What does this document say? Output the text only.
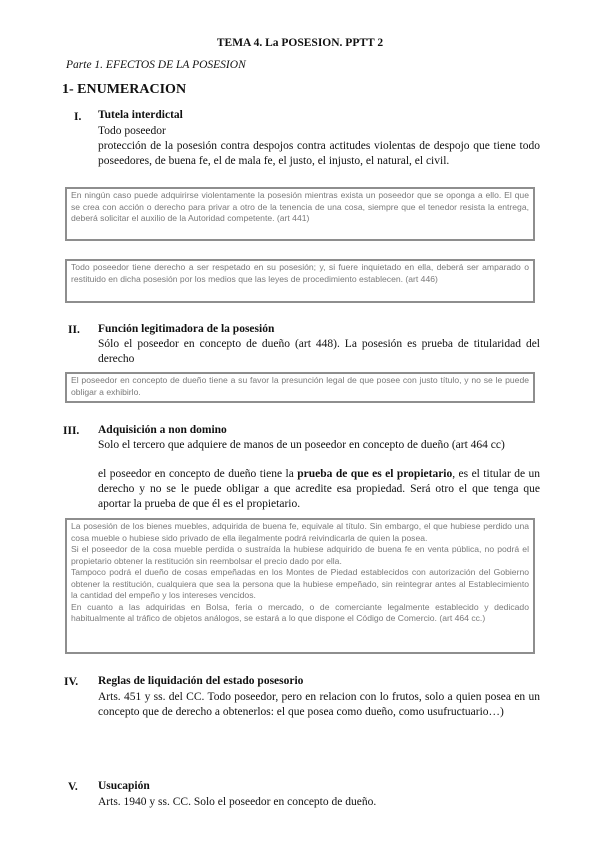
TEMA 4. La POSESION. PPTT 2
Parte 1. EFECTOS DE LA POSESION
1- ENUMERACION
I. Tutela interdictal
Todo poseedor
protección de la posesión contra despojos contra actitudes violentas de despojo que tiene todo poseedores, de buena fe, el de mala fe, el justo, el injusto, el natural, el civil.
En ningún caso puede adquirirse violentamente la posesión mientras exista un poseedor que se oponga a ello. El que se crea con acción o derecho para privar a otro de la tenencia de una cosa, siempre que el tenedor resista la entrega, deberá solicitar el auxilio de la Autoridad competente. (art 441)
Todo poseedor tiene derecho a ser respetado en su posesión; y, si fuere inquietado en ella, deberá ser amparado o restituido en dicha posesión por los medios que las leyes de procedimiento establecen. (art 446)
II. Función legitimadora de la posesión
Sólo el poseedor en concepto de dueño (art 448). La posesión es prueba de titularidad del derecho
El poseedor en concepto de dueño tiene a su favor la presunción legal de que posee con justo título, y no se le puede obligar a exhibirlo.
III. Adquisición a non domino
Solo el tercero que adquiere de manos de un poseedor en concepto de dueño (art 464 cc)
el poseedor en concepto de dueño tiene la prueba de que es el propietario, es el titular de un derecho y no se le puede obligar a que acredite esa propiedad. Será otro el que tenga que aportar la prueba de que él es el propietario.
La posesión de los bienes muebles, adquirida de buena fe, equivale al título. Sin embargo, el que hubiese perdido una cosa mueble o hubiese sido privado de ella ilegalmente podrá reivindicarla de quien la posea.
Si el poseedor de la cosa mueble perdida o sustraída la hubiese adquirido de buena fe en venta pública, no podrá el propietario obtener la restitución sin reembolsar el precio dado por ella.
Tampoco podrá el dueño de cosas empeñadas en los Montes de Piedad establecidos con autorización del Gobierno obtener la restitución, cualquiera que sea la persona que la hubiese empeñado, sin reintegrar antes al Establecimiento la cantidad del empeño y los intereses vencidos.
En cuanto a las adquiridas en Bolsa, feria o mercado, o de comerciante legalmente establecido y dedicado habitualmente al tráfico de objetos análogos, se estará a lo que dispone el Código de Comercio. (art 464 cc.)
IV. Reglas de liquidación del estado posesorio
Arts. 451 y ss. del CC. Todo poseedor, pero en relacion con lo frutos, solo a quien posea en un concepto que de derecho a obtenerlos: el que posea como dueño, como usufructuario…)
V. Usucapión
Arts. 1940 y ss. CC. Solo el poseedor en concepto de dueño.
